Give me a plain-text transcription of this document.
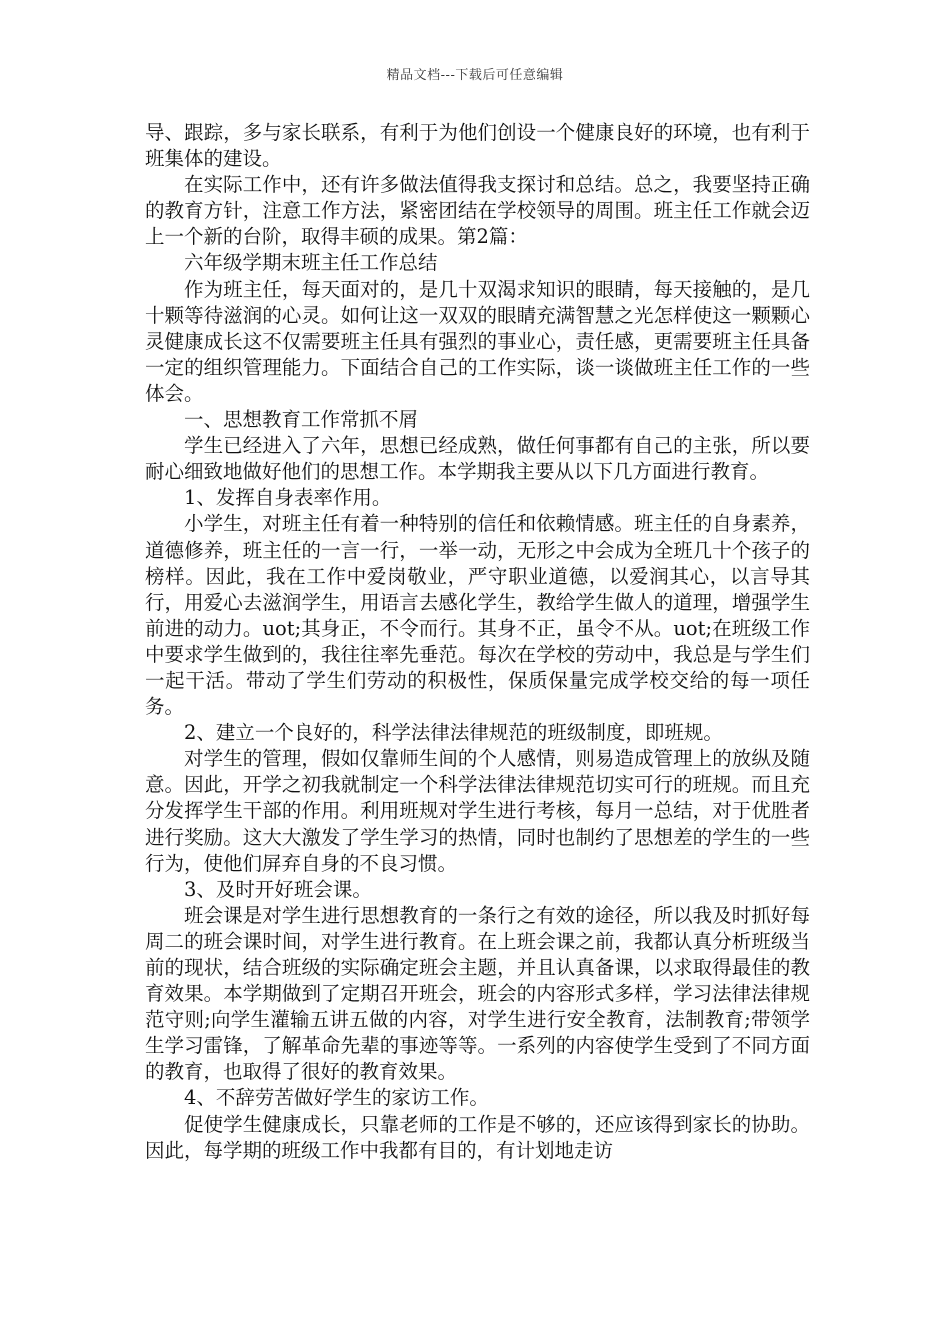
精品文档---下载后可任意编辑

导、跟踪，多与家长联系，有利于为他们创设一个健康良好的环境，也有利于班集体的建设。

在实际工作中，还有许多做法值得我支探讨和总结。总之，我要坚持正确的教育方针，注意工作方法，紧密团结在学校领导的周围。班主任工作就会迈上一个新的台阶，取得丰硕的成果。第2篇：

六年级学期末班主任工作总结

作为班主任，每天面对的，是几十双渴求知识的眼睛，每天接触的，是几十颗等待滋润的心灵。如何让这一双双的眼睛充满智慧之光怎样使这一颗颗心灵健康成长这不仅需要班主任具有强烈的事业心，责任感，更需要班主任具备一定的组织管理能力。下面结合自己的工作实际，谈一谈做班主任工作的一些体会。

一、思想教育工作常抓不屑

学生已经进入了六年，思想已经成熟，做任何事都有自己的主张，所以要耐心细致地做好他们的思想工作。本学期我主要从以下几方面进行教育。

1、发挥自身表率作用。

小学生，对班主任有着一种特别的信任和依赖情感。班主任的自身素养，道德修养，班主任的一言一行，一举一动，无形之中会成为全班几十个孩子的榜样。因此，我在工作中爱岗敬业，严守职业道德，以爱润其心，以言导其行，用爱心去滋润学生，用语言去感化学生，教给学生做人的道理，增强学生前进的动力。uot;其身正，不令而行。其身不正，虽令不从。uot;在班级工作中要求学生做到的，我往往率先垂范。每次在学校的劳动中，我总是与学生们一起干活。带动了学生们劳动的积极性，保质保量完成学校交给的每一项任务。

2、建立一个良好的，科学法律法律规范的班级制度，即班规。

对学生的管理，假如仅靠师生间的个人感情，则易造成管理上的放纵及随意。因此，开学之初我就制定一个科学法律法律规范切实可行的班规。而且充分发挥学生干部的作用。利用班规对学生进行考核，每月一总结，对于优胜者进行奖励。这大大激发了学生学习的热情，同时也制约了思想差的学生的一些行为，使他们屏弃自身的不良习惯。

3、及时开好班会课。

班会课是对学生进行思想教育的一条行之有效的途径，所以我及时抓好每周二的班会课时间，对学生进行教育。在上班会课之前，我都认真分析班级当前的现状，结合班级的实际确定班会主题，并且认真备课，以求取得最佳的教育效果。本学期做到了定期召开班会，班会的内容形式多样，学习法律法律规范守则;向学生灌输五讲五做的内容，对学生进行安全教育，法制教育;带领学生学习雷锋，了解革命先辈的事迹等等。一系列的内容使学生受到了不同方面的教育，也取得了很好的教育效果。

4、不辞劳苦做好学生的家访工作。

促使学生健康成长，只靠老师的工作是不够的，还应该得到家长的协助。因此，每学期的班级工作中我都有目的，有计划地走访
